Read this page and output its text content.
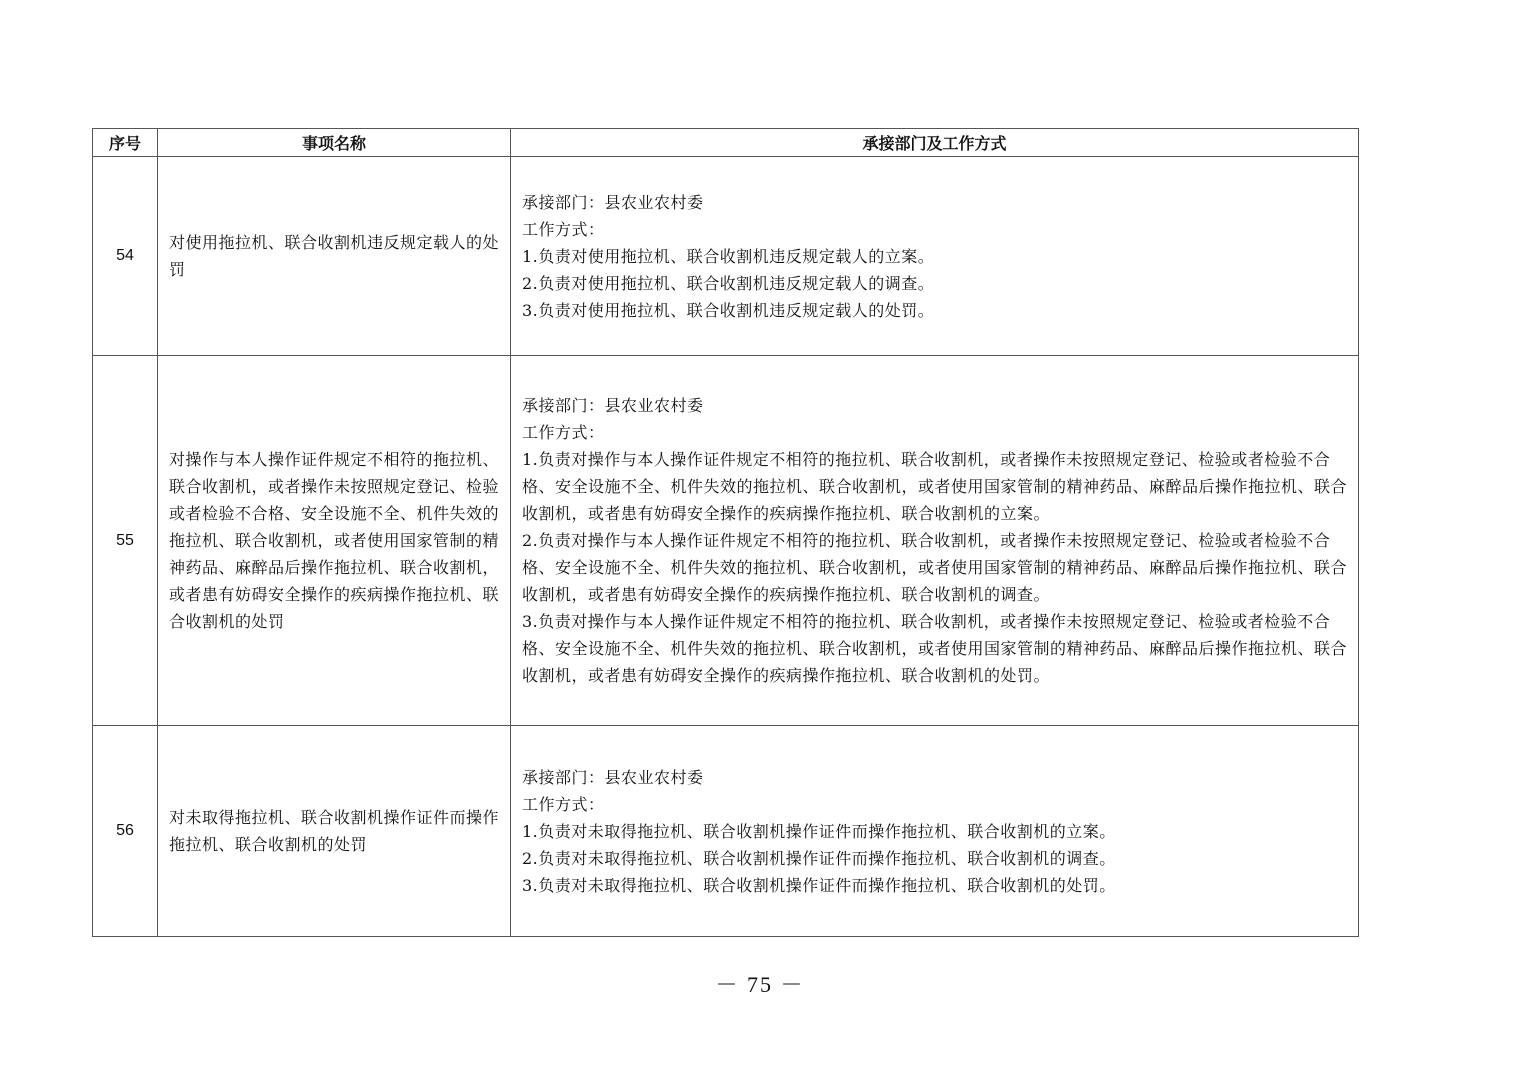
序号	事项名称	承接部门及工作方式
54	对使用拖拉机、联合收割机违反规定载人的处罚	承接部门：县农业农村委
工作方式：
1.负责对使用拖拉机、联合收割机违反规定载人的立案。
2.负责对使用拖拉机、联合收割机违反规定载人的调查。
3.负责对使用拖拉机、联合收割机违反规定载人的处罚。

55	对操作与本人操作证件规定不相符的拖拉机、联合收割机，或者操作未按照规定登记、检验或者检验不合格、安全设施不全、机件失效的拖拉机、联合收割机，或者使用国家管制的精神药品、麻醉品后操作拖拉机、联合收割机，或者患有妨碍安全操作的疾病操作拖拉机、联合收割机的处罚	承接部门：县农业农村委
工作方式：
1.负责对操作与本人操作证件规定不相符的拖拉机、联合收割机，或者操作未按照规定登记、检验或者检验不合格、安全设施不全、机件失效的拖拉机、联合收割机，或者使用国家管制的精神药品、麻醉品后操作拖拉机、联合收割机，或者患有妨碍安全操作的疾病操作拖拉机、联合收割机的立案。
2.负责对操作与本人操作证件规定不相符的拖拉机、联合收割机，或者操作未按照规定登记、检验或者检验不合格、安全设施不全、机件失效的拖拉机、联合收割机，或者使用国家管制的精神药品、麻醉品后操作拖拉机、联合收割机，或者患有妨碍安全操作的疾病操作拖拉机、联合收割机的调查。
3.负责对操作与本人操作证件规定不相符的拖拉机、联合收割机，或者操作未按照规定登记、检验或者检验不合格、安全设施不全、机件失效的拖拉机、联合收割机，或者使用国家管制的精神药品、麻醉品后操作拖拉机、联合收割机，或者患有妨碍安全操作的疾病操作拖拉机、联合收割机的处罚。

56	对未取得拖拉机、联合收割机操作证件而操作拖拉机、联合收割机的处罚	承接部门：县农业农村委
工作方式：
1.负责对未取得拖拉机、联合收割机操作证件而操作拖拉机、联合收割机的立案。
2.负责对未取得拖拉机、联合收割机操作证件而操作拖拉机、联合收割机的调查。
3.负责对未取得拖拉机、联合收割机操作证件而操作拖拉机、联合收割机的处罚。
－ 75 －
